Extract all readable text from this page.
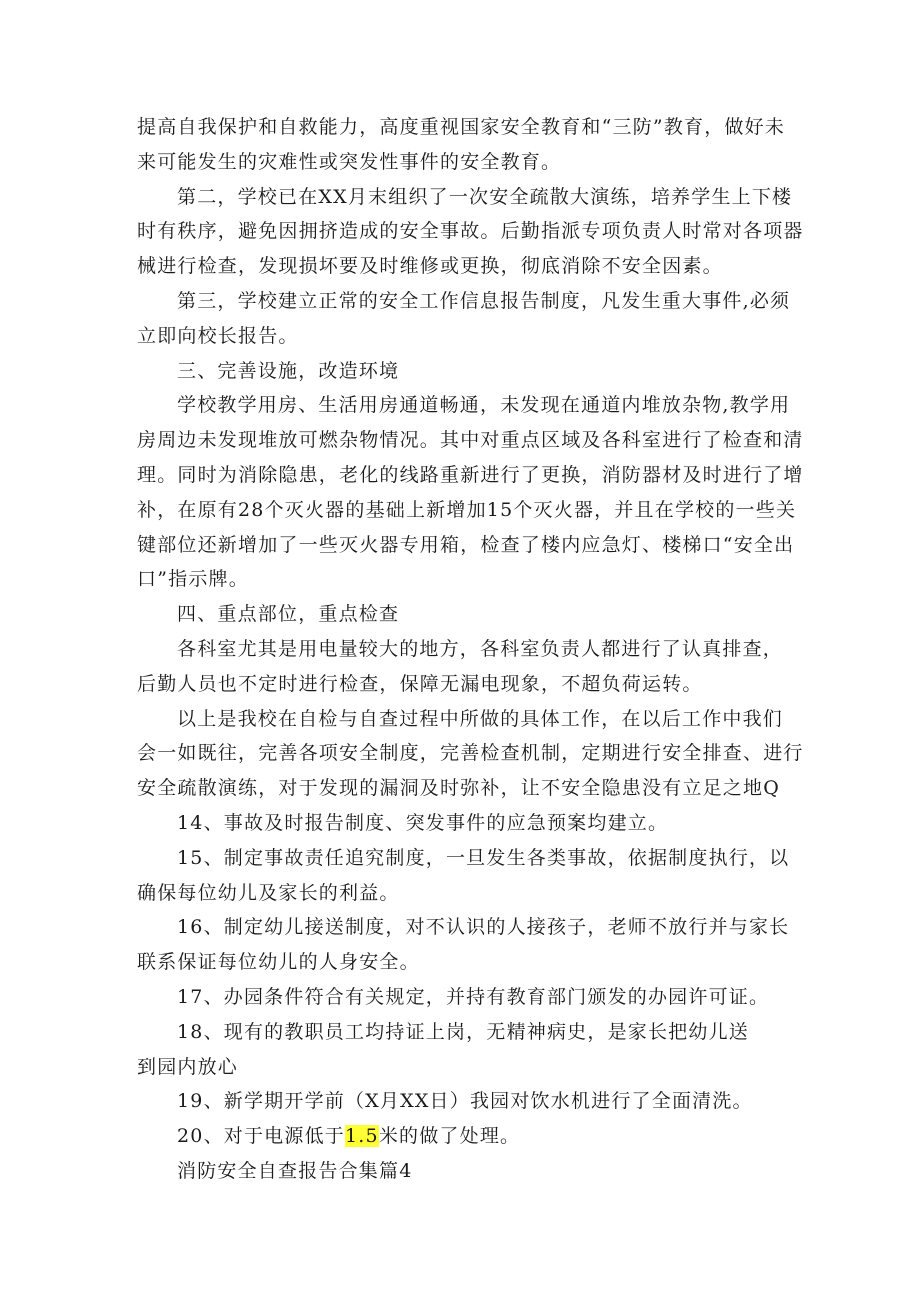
提高自我保护和自救能力，高度重视国家安全教育和“三防”教育，做好未
来可能发生的灾难性或突发性事件的安全教育。
第二，学校已在XX月末组织了一次安全疏散大演练，培养学生上下楼
时有秩序，避免因拥挤造成的安全事故。后勤指派专项负责人时常对各项器
械进行检查，发现损坏要及时维修或更换，彻底消除不安全因素。
第三，学校建立正常的安全工作信息报告制度，凡发生重大事件,必须
立即向校长报告。
三、完善设施，改造环境
学校教学用房、生活用房通道畅通，未发现在通道内堆放杂物,教学用
房周边未发现堆放可燃杂物情况。其中对重点区域及各科室进行了检查和清
理。同时为消除隐患，老化的线路重新进行了更换，消防器材及时进行了增
补，在原有28个灭火器的基础上新增加15个灭火器，并且在学校的一些关
键部位还新增加了一些灭火器专用箱，检查了楼内应急灯、楼梯口“安全出
口”指示牌。
四、重点部位，重点检查
各科室尤其是用电量较大的地方，各科室负责人都进行了认真排查，
后勤人员也不定时进行检查，保障无漏电现象，不超负荷运转。
以上是我校在自检与自查过程中所做的具体工作，在以后工作中我们
会一如既往，完善各项安全制度，完善检查机制，定期进行安全排查、进行
安全疏散演练，对于发现的漏洞及时弥补，让不安全隐患没有立足之地Q
14、事故及时报告制度、突发事件的应急预案均建立。
15、制定事故责任追究制度，一旦发生各类事故，依据制度执行，以
确保每位幼儿及家长的利益。
16、制定幼儿接送制度，对不认识的人接孩子，老师不放行并与家长
联系保证每位幼儿的人身安全。
17、办园条件符合有关规定，并持有教育部门颁发的办园许可证。
18、现有的教职员工均持证上岗，无精神病史，是家长把幼儿送
到园内放心
19、新学期开学前（X月XX日）我园对饮水机进行了全面清洗。
20、对于电源低于1.5米的做了处理。
消防安全自查报告合集篇4
